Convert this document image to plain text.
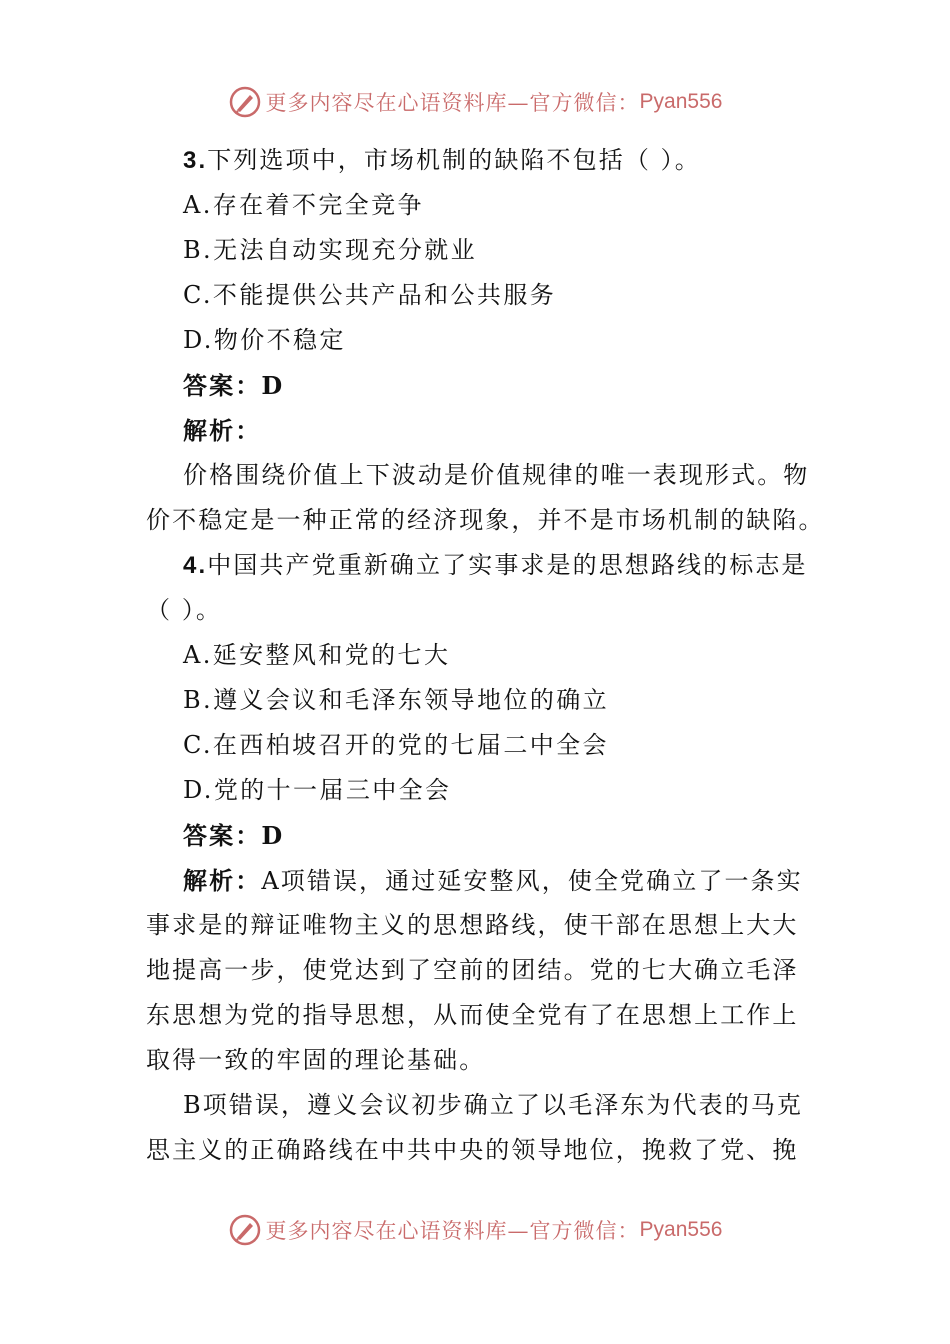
更多内容尽在心语资料库—官方微信： Pyan556
3.下列选项中，市场机制的缺陷不包括（ ）。
A.存在着不完全竞争
B.无法自动实现充分就业
C.不能提供公共产品和公共服务
D.物价不稳定
答案：D
解析：
价格围绕价值上下波动是价值规律的唯一表现形式。物
价不稳定是一种正常的经济现象，并不是市场机制的缺陷。
4.中国共产党重新确立了实事求是的思想路线的标志是
（ ）。
A.延安整风和党的七大
B.遵义会议和毛泽东领导地位的确立
C.在西柏坡召开的党的七届二中全会
D.党的十一届三中全会
答案：D
解析：A项错误，通过延安整风，使全党确立了一条实
事求是的辩证唯物主义的思想路线，使干部在思想上大大
地提高一步，使党达到了空前的团结。党的七大确立毛泽
东思想为党的指导思想，从而使全党有了在思想上工作上
取得一致的牢固的理论基础。
B项错误，遵义会议初步确立了以毛泽东为代表的马克
思主义的正确路线在中共中央的领导地位，挽救了党、挽
更多内容尽在心语资料库—官方微信： Pyan556
